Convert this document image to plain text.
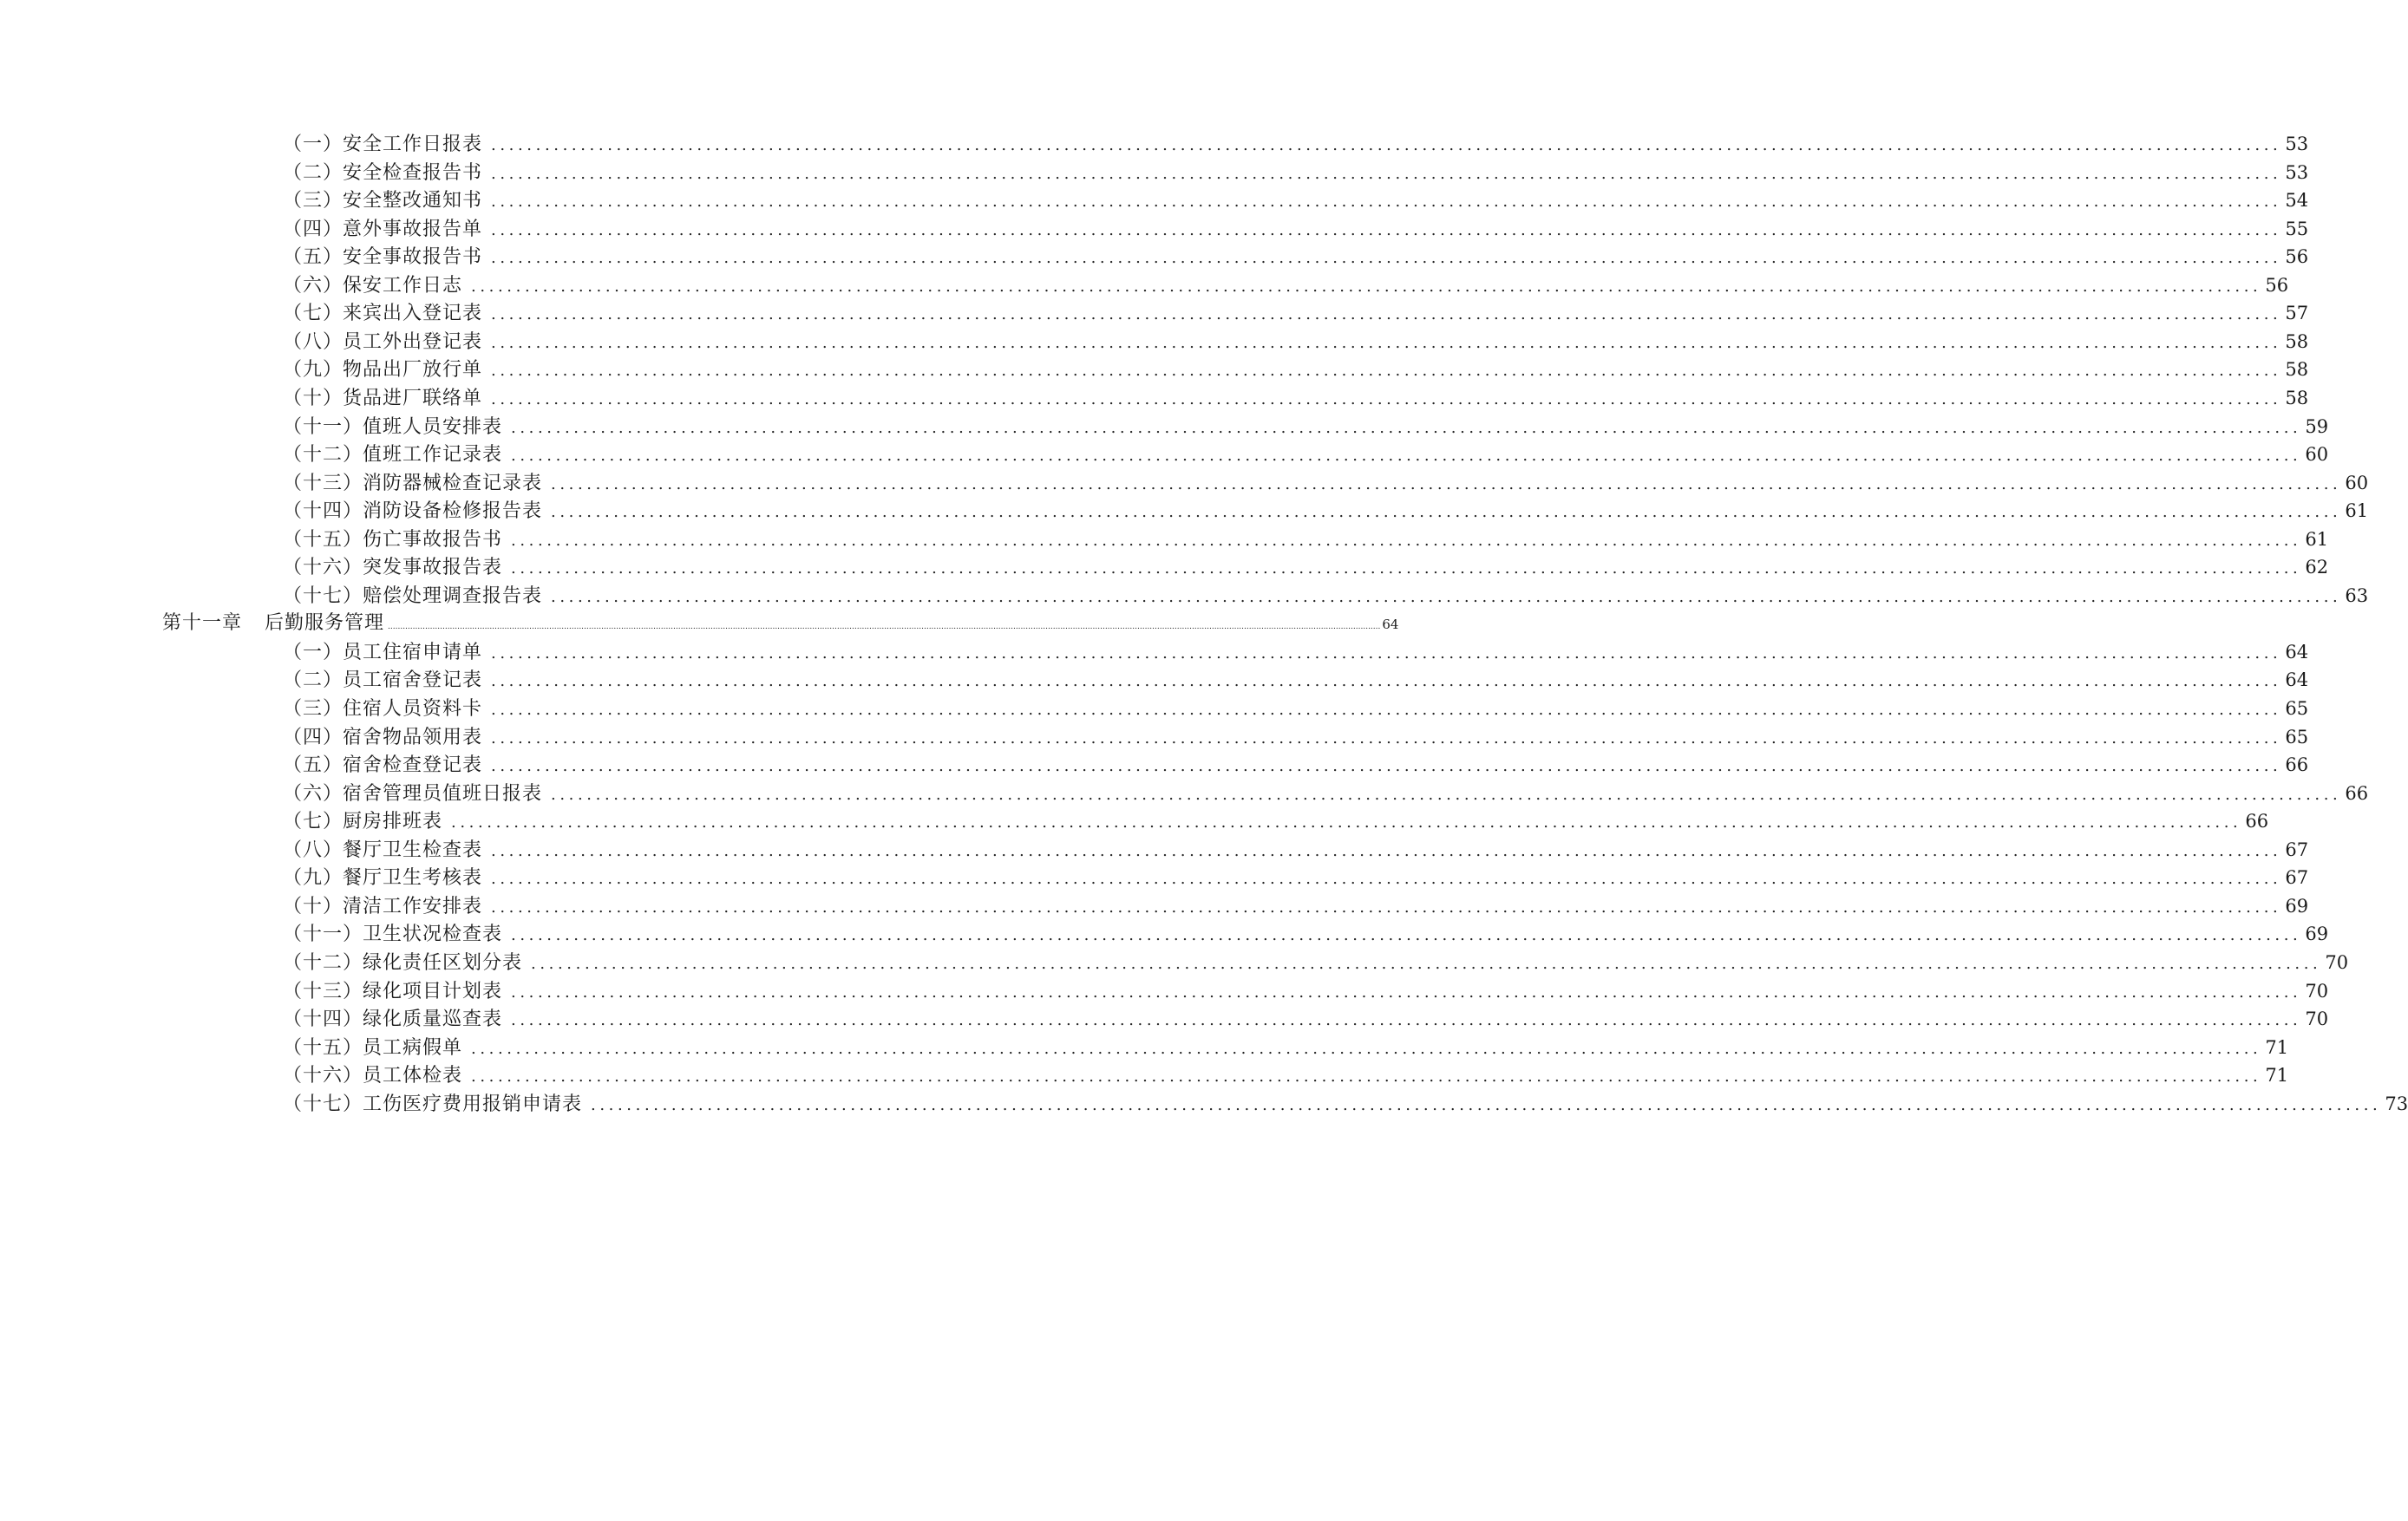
（一）安全工作日报表 ........................................................................................................................................................................................................ 53
（二）安全检查报告书 ........................................................................................................................................................................................................ 53
（三）安全整改通知书 ........................................................................................................................................................................................................ 54
（四）意外事故报告单 ........................................................................................................................................................................................................ 55
（五）安全事故报告书 ........................................................................................................................................................................................................ 56
（六）保安工作日志 ........................................................................................................................................................................................................ 56
（七）来宾出入登记表 ........................................................................................................................................................................................................ 57
（八）员工外出登记表 ........................................................................................................................................................................................................ 58
（九）物品出厂放行单 ........................................................................................................................................................................................................ 58
（十）货品进厂联络单 ........................................................................................................................................................................................................ 58
（十一）值班人员安排表 ........................................................................................................................................................................................................ 59
（十二）值班工作记录表 ........................................................................................................................................................................................................ 60
（十三）消防器械检查记录表 ........................................................................................................................................................................................................ 60
（十四）消防设备检修报告表 ........................................................................................................................................................................................................ 61
（十五）伤亡事故报告书 ........................................................................................................................................................................................................ 61
（十六）突发事故报告表 ........................................................................................................................................................................................................ 62
（十七）赔偿处理调查报告表 ........................................................................................................................................................................................................ 63
第十一章 后勤服务管理 ................................................................................................................................................................................................................................................................................................................................................................................................................ 64
（一）员工住宿申请单 ........................................................................................................................................................................................................ 64
（二）员工宿舍登记表 ........................................................................................................................................................................................................ 64
（三）住宿人员资料卡 ........................................................................................................................................................................................................ 65
（四）宿舍物品领用表 ........................................................................................................................................................................................................ 65
（五）宿舍检查登记表 ........................................................................................................................................................................................................ 66
（六）宿舍管理员值班日报表 ........................................................................................................................................................................................................ 66
（七）厨房排班表 ........................................................................................................................................................................................................ 66
（八）餐厅卫生检查表 ........................................................................................................................................................................................................ 67
（九）餐厅卫生考核表 ........................................................................................................................................................................................................ 67
（十）清洁工作安排表 ........................................................................................................................................................................................................ 69
（十一）卫生状况检查表 ........................................................................................................................................................................................................ 69
（十二）绿化责任区划分表 ........................................................................................................................................................................................................ 70
（十三）绿化项目计划表 ........................................................................................................................................................................................................ 70
（十四）绿化质量巡查表 ........................................................................................................................................................................................................ 70
（十五）员工病假单 ........................................................................................................................................................................................................ 71
（十六）员工体检表 ........................................................................................................................................................................................................ 71
（十七）工伤医疗费用报销申请表 ........................................................................................................................................................................................................ 73
